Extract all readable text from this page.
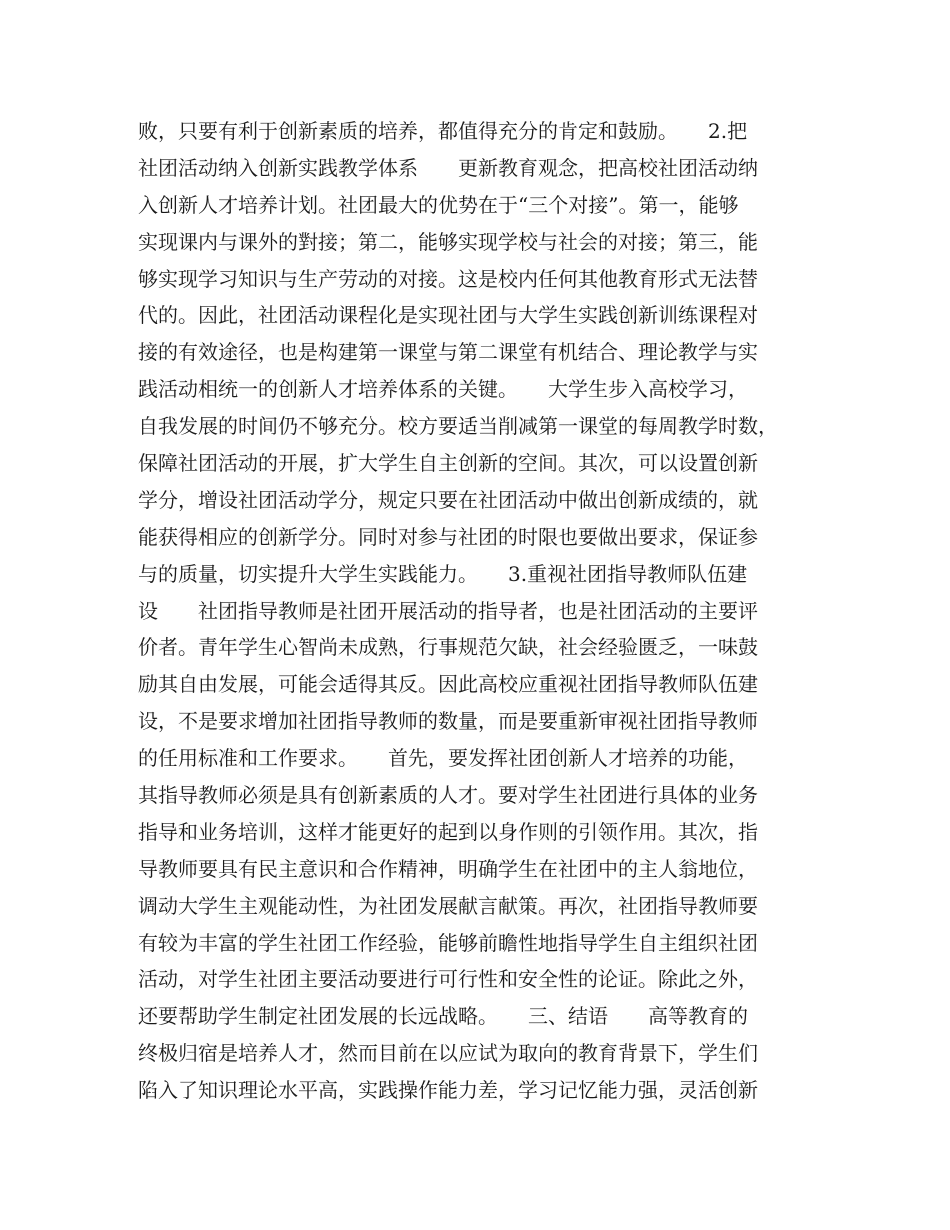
败，只要有利于创新素质的培养，都值得充分的肯定和鼓励。　　2.把
社团活动纳入创新实践教学体系　　更新教育观念，把高校社团活动纳
入创新人才培养计划。社团最大的优势在于“三个对接”。第一，能够
实现课内与课外的對接；第二，能够实现学校与社会的对接；第三，能
够实现学习知识与生产劳动的对接。这是校内任何其他教育形式无法替
代的。因此，社团活动课程化是实现社团与大学生实践创新训练课程对
接的有效途径，也是构建第一课堂与第二课堂有机结合、理论教学与实
践活动相统一的创新人才培养体系的关键。　　大学生步入高校学习，
自我发展的时间仍不够充分。校方要适当削减第一课堂的每周教学时数，
保障社团活动的开展，扩大学生自主创新的空间。其次，可以设置创新
学分，增设社团活动学分，规定只要在社团活动中做出创新成绩的，就
能获得相应的创新学分。同时对参与社团的时限也要做出要求，保证参
与的质量，切实提升大学生实践能力。　　3.重视社团指导教师队伍建
设　　社团指导教师是社团开展活动的指导者，也是社团活动的主要评
价者。青年学生心智尚未成熟，行事规范欠缺，社会经验匮乏，一味鼓
励其自由发展，可能会适得其反。因此高校应重视社团指导教师队伍建
设，不是要求增加社团指导教师的数量，而是要重新审视社团指导教师
的任用标准和工作要求。　　首先，要发挥社团创新人才培养的功能，
其指导教师必须是具有创新素质的人才。要对学生社团进行具体的业务
指导和业务培训，这样才能更好的起到以身作则的引领作用。其次，指
导教师要具有民主意识和合作精神，明确学生在社团中的主人翁地位，
调动大学生主观能动性，为社团发展献言献策。再次，社团指导教师要
有较为丰富的学生社团工作经验，能够前瞻性地指导学生自主组织社团
活动，对学生社团主要活动要进行可行性和安全性的论证。除此之外，
还要帮助学生制定社团发展的长远战略。　　三、结语　　高等教育的
终极归宿是培养人才，然而目前在以应试为取向的教育背景下，学生们
陷入了知识理论水平高，实践操作能力差，学习记忆能力强，灵活创新
